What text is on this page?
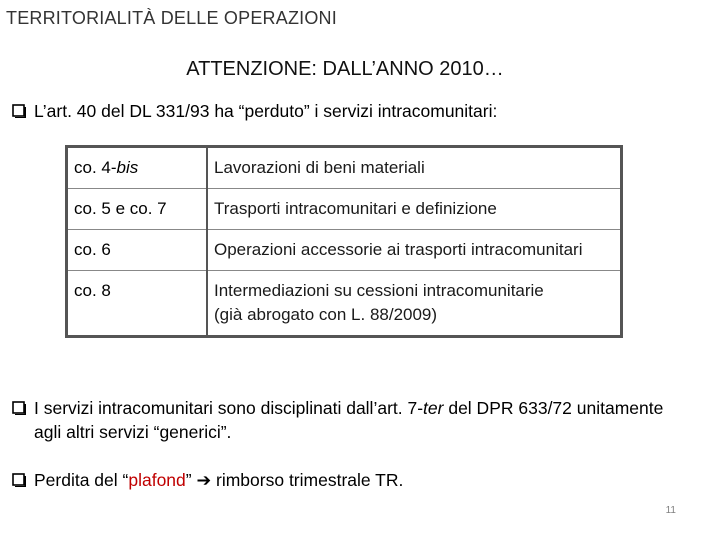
TERRITORIALITÀ DELLE OPERAZIONI
ATTENZIONE: DALL’ANNO 2010…
L’art. 40 del DL 331/93 ha “perduto” i servizi intracomunitari:
co. 4-bis	Lavorazioni di beni materiali
co. 5 e co. 7	Trasporti intracomunitari e definizione
co. 6	Operazioni accessorie ai trasporti intracomunitari
co. 8	Intermediazioni su cessioni intracomunitarie
(già abrogato con L. 88/2009)
I servizi intracomunitari sono disciplinati dall’art. 7-ter del DPR 633/72 unitamente agli altri servizi “generici”.
Perdita del “plafond” ➔ rimborso trimestrale TR.
11
